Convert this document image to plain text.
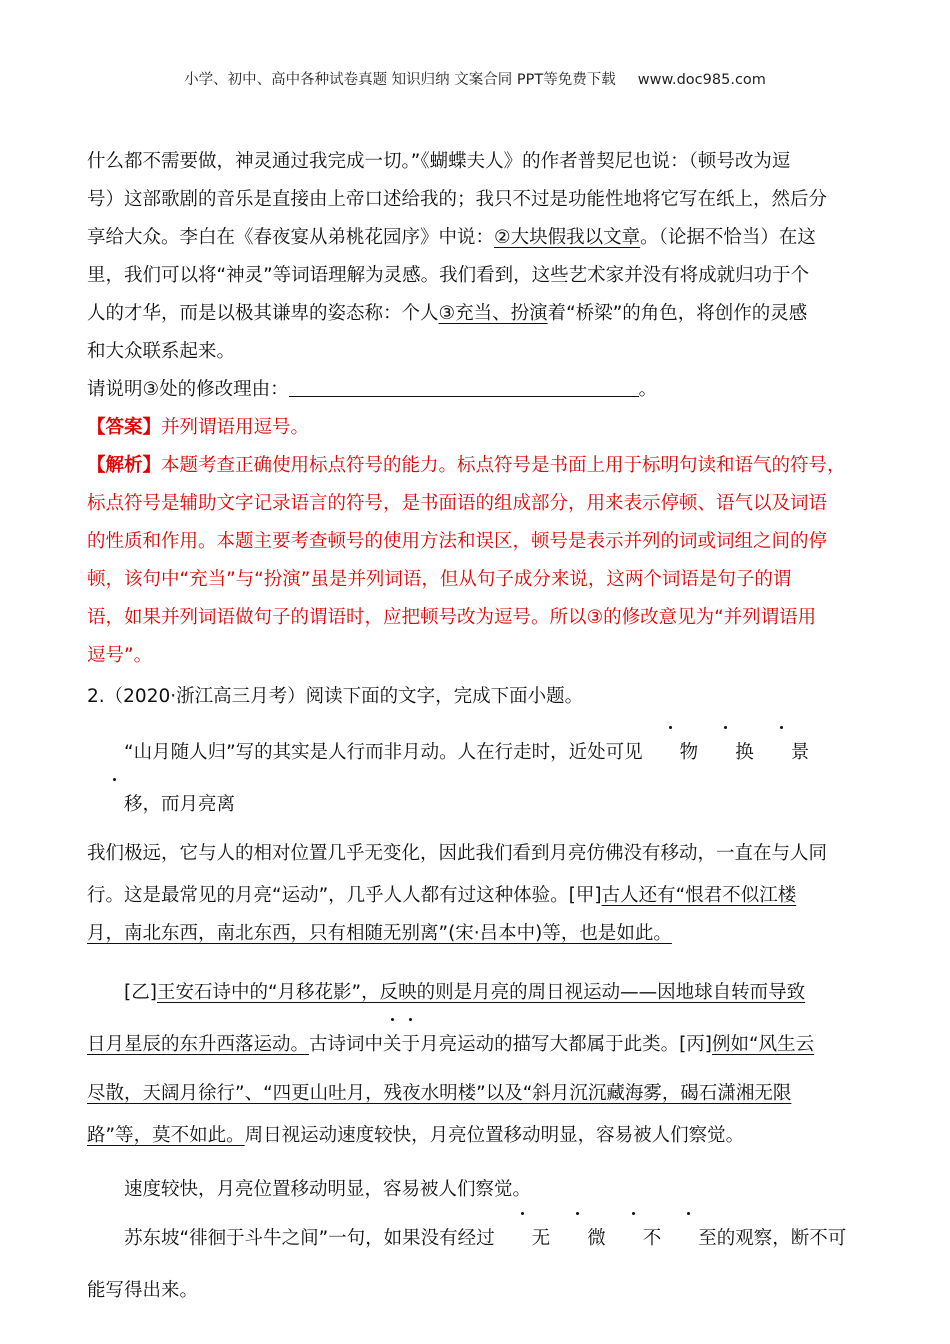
小学、初中、高中各种试卷真题 知识归纳 文案合同 PPT等免费下载 www.doc985.com

什么都不需要做，神灵通过我完成一切。”《蝴蝶夫人》的作者普契尼也说：（顿号改为逗

号）这部歌剧的音乐是直接由上帝口述给我的；我只不过是功能性地将它写在纸上，然后分

享给大众。李白在《春夜宴从弟桃花园序》中说：②大块假我以文章。（论据不恰当）在这

里，我们可以将“神灵”等词语理解为灵感。我们看到，这些艺术家并没有将成就归功于个

人的才华，而是以极其谦卑的姿态称：个人③充当、扮演着“桥梁”的角色，将创作的灵感

和大众联系起来。

请说明③处的修改理由：	。

【答案】并列谓语用逗号。

【解析】本题考查正确使用标点符号的能力。标点符号是书面上用于标明句读和语气的符号，

标点符号是辅助文字记录语言的符号，是书面语的组成部分，用来表示停顿、语气以及词语

的性质和作用。本题主要考查顿号的使用方法和误区，顿号是表示并列的词或词组之间的停

顿，该句中“充当”与“扮演”虽是并列词语，但从句子成分来说，这两个词语是句子的谓

语，如果并列词语做句子的谓语时，应把顿号改为逗号。所以③的修改意见为“并列谓语用

逗号”。

2.（2020·浙江高三月考）阅读下面的文字，完成下面小题。

“山月随人归”写的其实是人行而非月动。人在行走时，近处可见 物 换 景移，而月亮离

我们极远，它与人的相对位置几乎无变化，因此我们看到月亮仿佛没有移动，一直在与人同

行。这是最常见的月亮“运动”，几乎人人都有过这种体验。[甲]古人还有“恨君不似江楼

月，南北东西，南北东西，只有相随无别离”(宋·吕本中)等，也是如此。

[乙]王安石诗中的“月移花影”，反映的则是月亮的周日视运动——因地球自转而导致

日月星辰的东升西落运动。古诗词中关于月亮运动的描写大都属于此类。[丙]例如“风生云

尽散，天阔月徐行”、“四更山吐月，残夜水明楼”以及“斜月沉沉藏海雾，碣石潇湘无限

路”等，莫不如此。周日视运动速度较快，月亮位置移动明显，容易被人们察觉。

速度较快，月亮位置移动明显，容易被人们察觉。

苏东坡“徘徊于斗牛之间”一句，如果没有经过 无 微 不 至的观察，断不可能写得出来。
